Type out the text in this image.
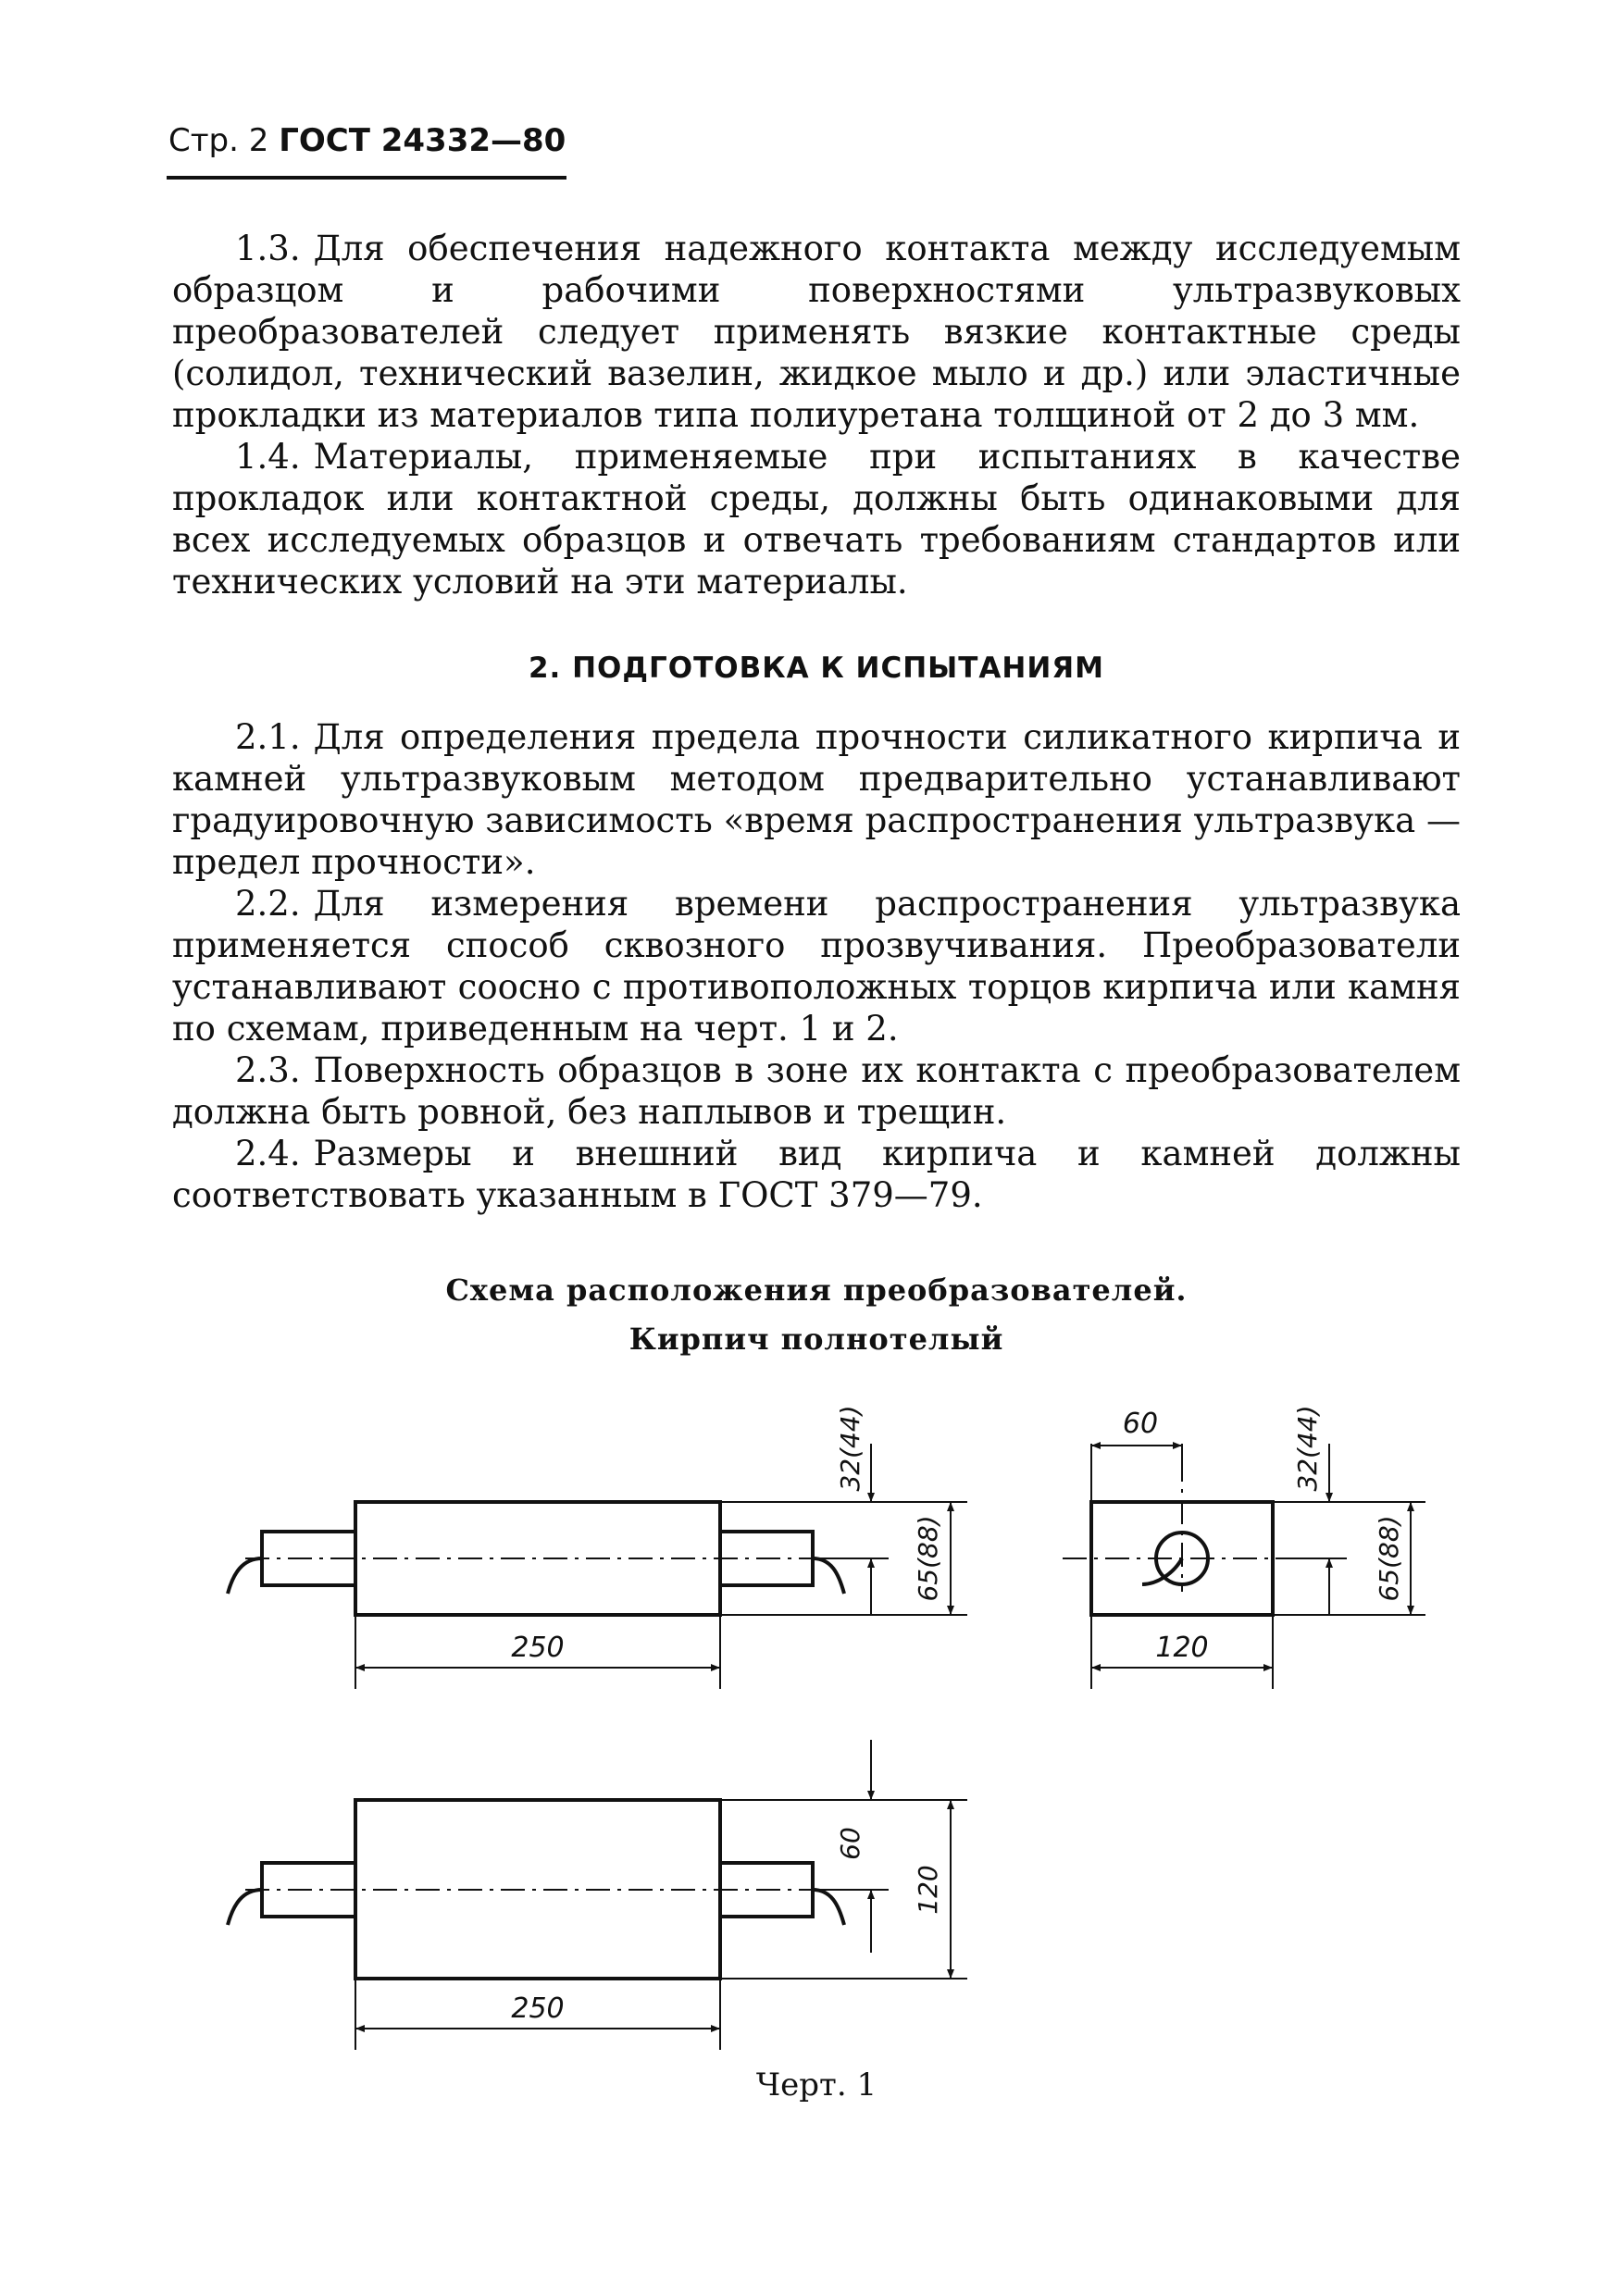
Стр. 2 ГОСТ 24332—80

1.3. Для обеспечения надежного контакта между исследуемым образцом и рабочими поверхностями ультразвуковых преобразователей следует применять вязкие контактные среды (солидол, технический вазелин, жидкое мыло и др.) или эластичные прокладки из материалов типа полиуретана толщиной от 2 до 3 мм.

1.4. Материалы, применяемые при испытаниях в качестве прокладок или контактной среды, должны быть одинаковыми для всех исследуемых образцов и отвечать требованиям стандартов или технических условий на эти материалы.

2. ПОДГОТОВКА К ИСПЫТАНИЯМ

2.1. Для определения предела прочности силикатного кирпича и камней ультразвуковым методом предварительно устанавливают градуировочную зависимость «время распространения ультразвука — предел прочности».

2.2. Для измерения времени распространения ультразвука применяется способ сквозного прозвучивания. Преобразователи устанавливают соосно с противоположных торцов кирпича или камня по схемам, приведенным на черт. 1 и 2.

2.3. Поверхность образцов в зоне их контакта с преобразователем должна быть ровной, без наплывов и трещин.

2.4. Размеры и внешний вид кирпича и камней должны соответствовать указанным в ГОСТ 379—79.

Схема расположения преобразователей.
Кирпич полнотелый
250
32(44)
65(88)
60
120
32(44)
65(88)
250
60
120
Черт. 1
